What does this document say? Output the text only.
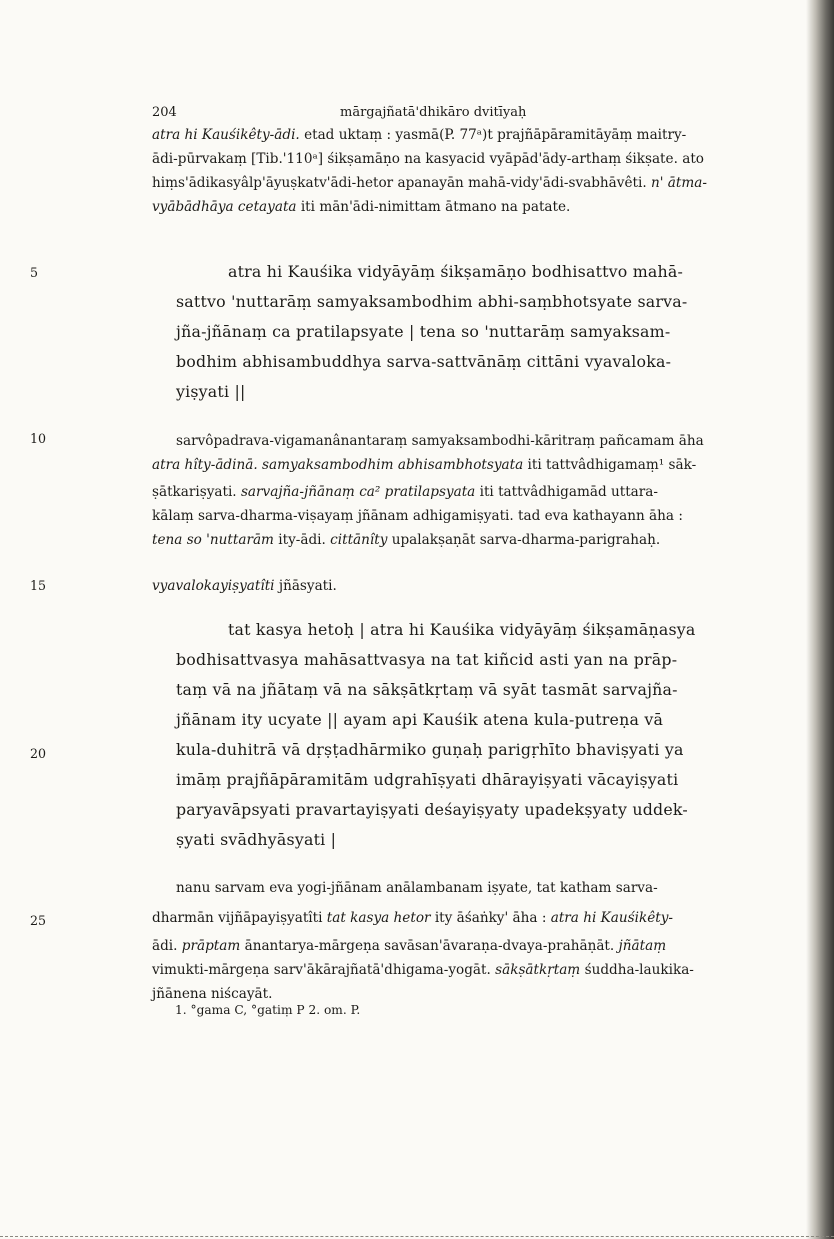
204	mārgajñatā'dhikāro dvitīyaḥ
atra hi Kauśikêty-ādi. etad uktaṃ : yasmā(P. 77ᵃ)t prajñāpāramitāyāṃ maitry-
ādi-pūrvakaṃ [Tib.'110ᵃ] śikṣamāṇo na kasyacid vyāpād'ādy-arthaṃ śikṣate. ato
hiṃs'ādikasyâlp'āyuṣkatv'ādi-hetor apanayān mahā-vidy'ādi-svabhāvêti. n' ātma-
vyābādhāya cetayata iti mān'ādi-nimittam ātmano na patate.
atra hi Kauśika vidyāyāṃ śikṣamāṇo bodhisattvo mahā-
sattvo 'nuttarāṃ samyaksambodhim abhi-saṃbhotsyate sarva-
jña-jñānaṃ ca pratilapsyate | tena so 'nuttarāṃ samyaksam-
bodhim abhisambuddhya sarva-sattvānāṃ cittāni vyavaloka-
yiṣyati ||
sarvôpadrava-vigamanânantaraṃ samyaksambodhi-kāritraṃ pañcamam āha
atra hîty-ādinā. samyaksambodhim abhisambhotsyata iti tattvâdhigamaṃ¹ sāk-
ṣātkariṣyati. sarvajña-jñānaṃ ca² pratilapsyata iti tattvâdhigamād uttara-
kālaṃ sarva-dharma-viṣayaṃ jñānam adhigamiṣyati. tad eva kathayann āha :
tena so 'nuttarām ity-ādi. cittānîty upalakṣaṇāt sarva-dharma-parigrahaḥ.
vyavalokayiṣyatîti jñāsyati.
tat kasya hetoḥ | atra hi Kauśika vidyāyāṃ śikṣamāṇasya
bodhisattvasya mahāsattvasya na tat kiñcid asti yan na prāp-
taṃ vā na jñātaṃ vā na sākṣātkṛtaṃ vā syāt tasmāt sarvajña-
jñānam ity ucyate || ayam api Kauśik atena kula-putreṇa vā
kula-duhitrā vā dṛṣṭadhārmiko guṇaḥ parigṛhīto bhaviṣyati ya
imāṃ prajñāpāramitām udgrahīṣyati dhārayiṣyati vācayiṣyati
paryavāpsyati pravartayiṣyati deśayiṣyaty upadekṣyaty uddek-
ṣyati svādhyāsyati |
nanu sarvam eva yogi-jñānam anālambanam iṣyate, tat katham sarva-
dharmān vijñāpayiṣyatîti tat kasya hetor ity āśaṅky' āha : atra hi Kauśikêty-
ādi. prāptam ānantarya-mārgeṇa savāsan'āvaraṇa-dvaya-prahāṇāt. jñātaṃ
vimukti-mārgeṇa sarv'ākārajñatā'dhigama-yogāt. sākṣātkṛtaṃ śuddha-laukika-
jñānena niścayāt.
5
10
15
20
25
1. °gama C, °gatiṃ P 2. om. P.
